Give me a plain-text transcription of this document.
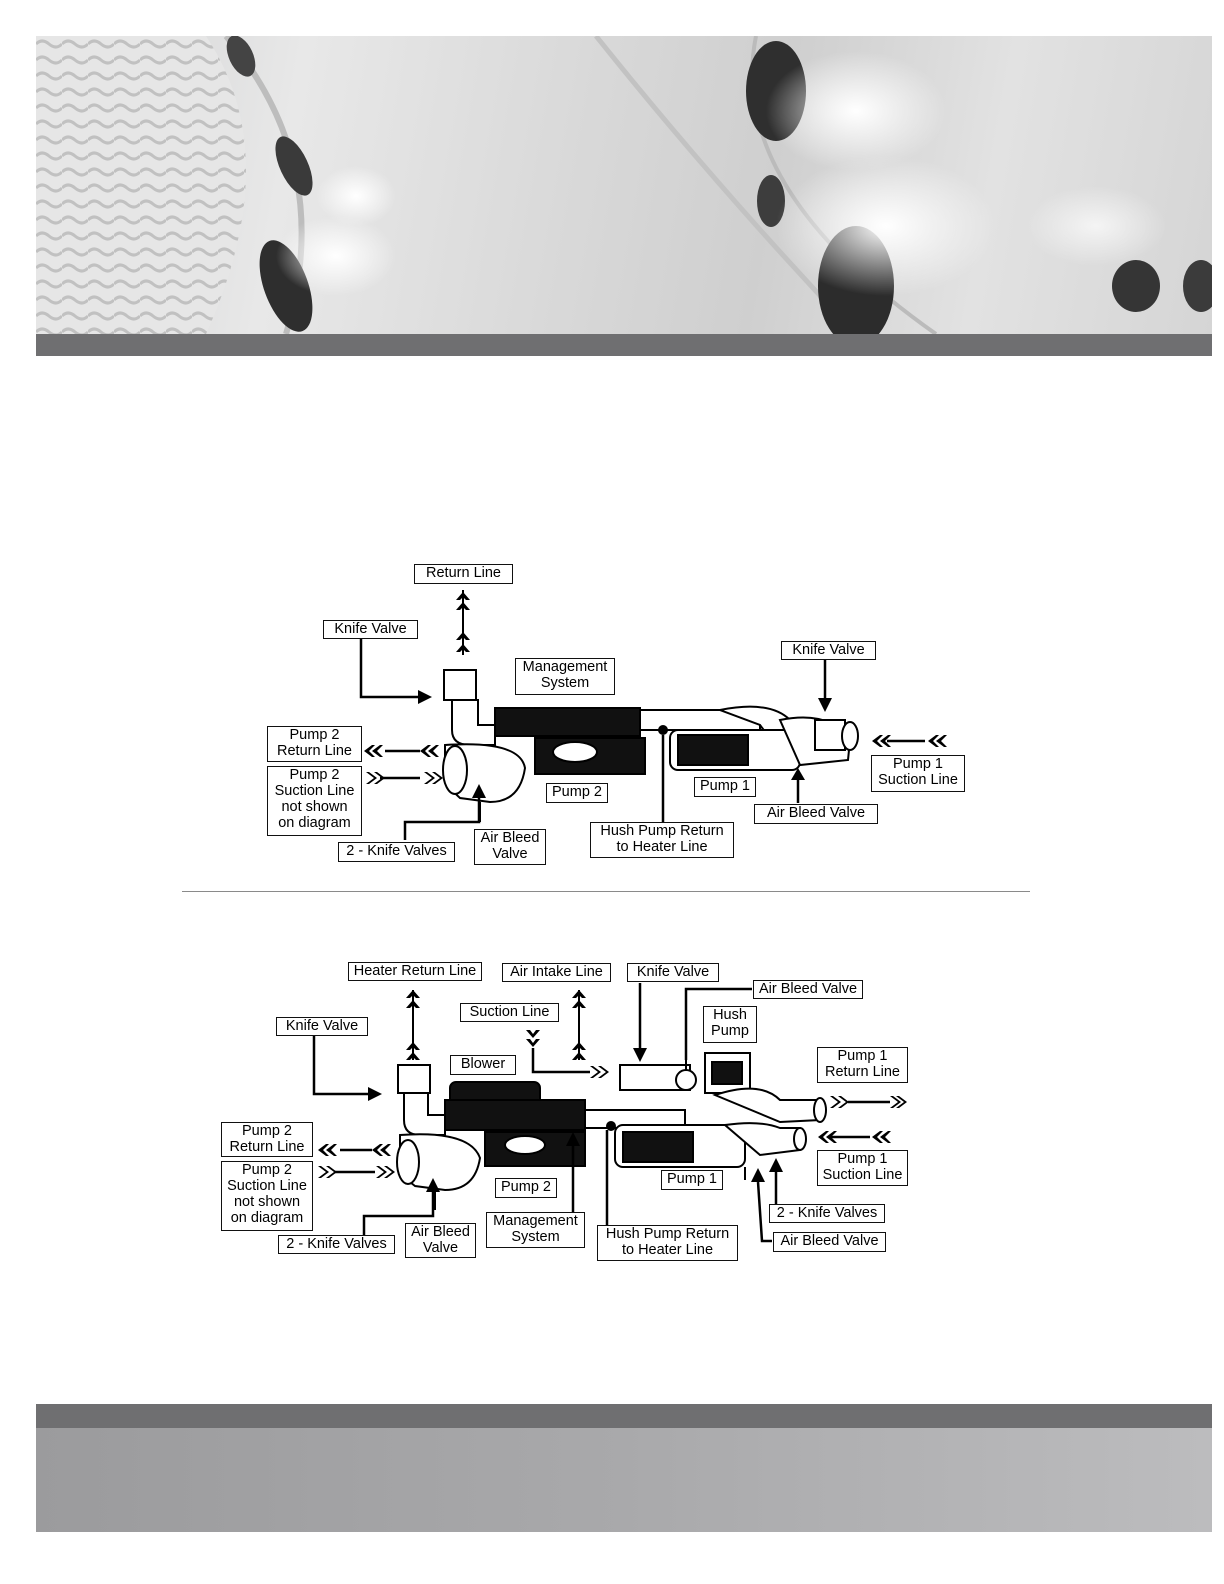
Return Line
Knife Valve
Management
System
Knife Valve
Pump 2
Return Line
Pump 2
Suction Line
not shown
on diagram
Pump 2	Pump 1
Pump 1
Suction Line
Air Bleed Valve
2 - Knife Valves
Air Bleed
Valve
Hush Pump Return
to Heater Line
Heater Return Line	Air Intake Line	Knife Valve
Air Bleed Valve
Suction Line	Hush
Pump
Knife Valve
Blower	Pump 1
Return Line
Pump 2
Return Line
Pump 2
Suction Line
not shown
on diagram
Pump 1
Suction Line
Pump 2	Pump 1
2 - Knife Valves
2 - Knife Valves
Air Bleed
Valve
Management
System	Hush Pump Return
to Heater Line
Air Bleed Valve
